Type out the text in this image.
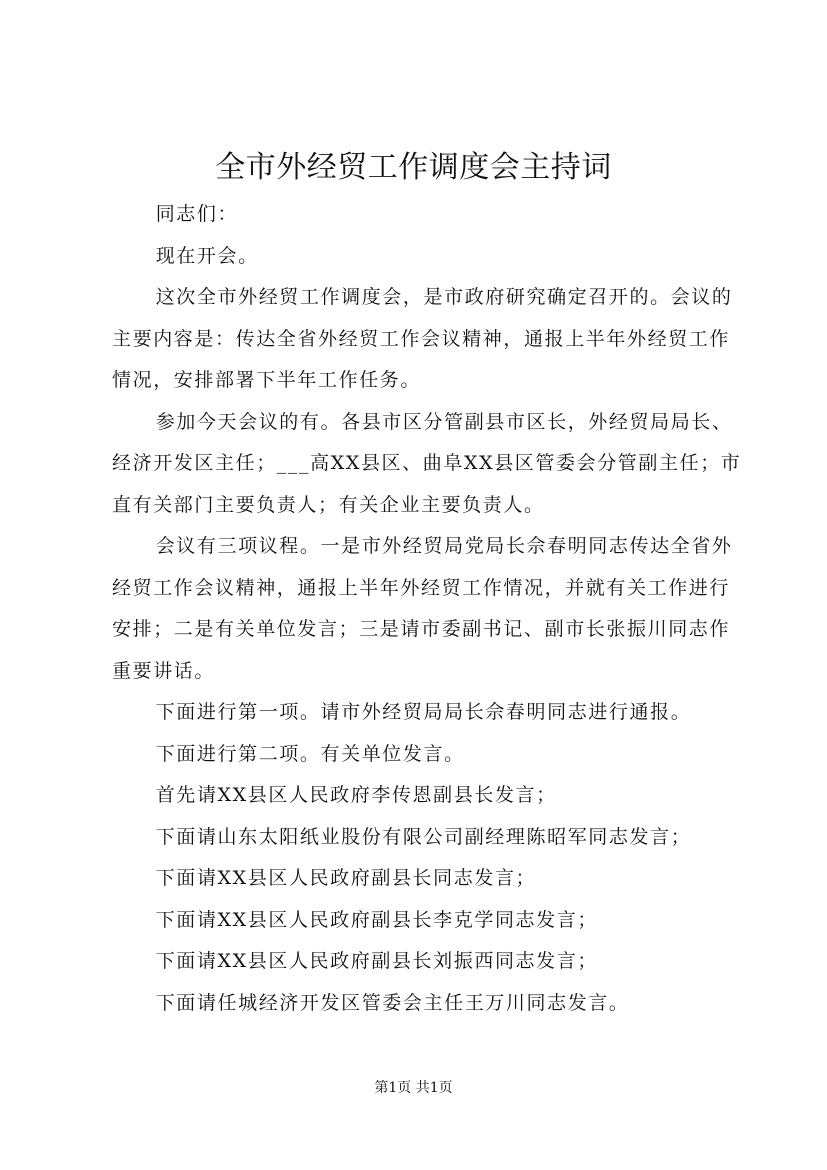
全市外经贸工作调度会主持词

同志们：

现在开会。

这次全市外经贸工作调度会，是市政府研究确定召开的。会议的主要内容是：传达全省外经贸工作会议精神，通报上半年外经贸工作情况，安排部署下半年工作任务。

参加今天会议的有。各县市区分管副县市区长，外经贸局局长、经济开发区主任；___高XX县区、曲阜XX县区管委会分管副主任；市直有关部门主要负责人；有关企业主要负责人。

会议有三项议程。一是市外经贸局党局长佘春明同志传达全省外经贸工作会议精神，通报上半年外经贸工作情况，并就有关工作进行安排；二是有关单位发言；三是请市委副书记、副市长张振川同志作重要讲话。

下面进行第一项。请市外经贸局局长佘春明同志进行通报。

下面进行第二项。有关单位发言。

首先请XX县区人民政府李传恩副县长发言；

下面请山东太阳纸业股份有限公司副经理陈昭军同志发言；

下面请XX县区人民政府副县长同志发言；

下面请XX县区人民政府副县长李克学同志发言；

下面请XX县区人民政府副县长刘振西同志发言；

下面请任城经济开发区管委会主任王万川同志发言。

第1页 共1页
